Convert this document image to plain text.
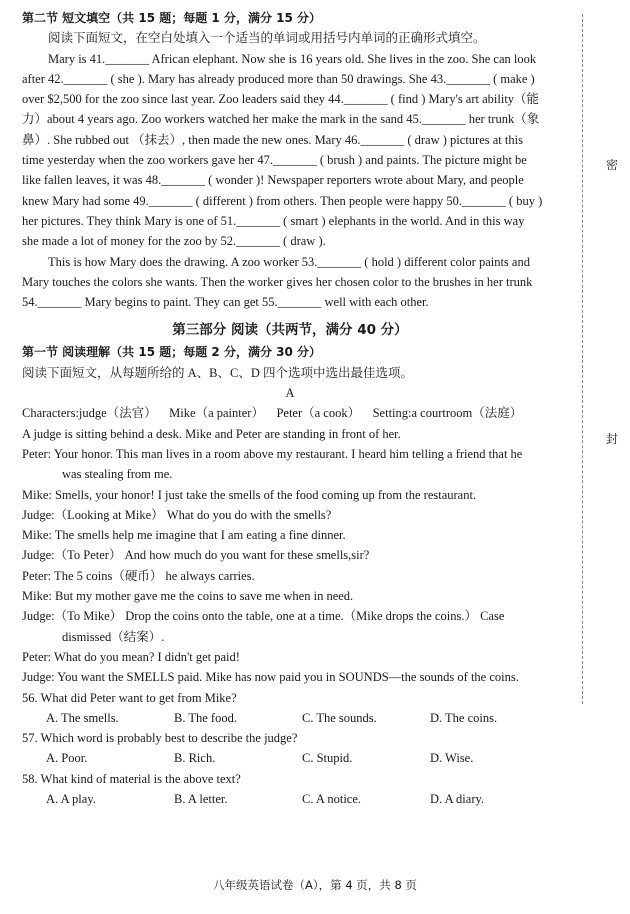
密
封
第二节 短文填空（共 15 题；每题 1 分，满分 15 分）
阅读下面短文，在空白处填入一个适当的单词或用括号内单词的正确形式填空。
Mary is 41._______ African elephant. Now she is 16 years old. She lives in the zoo. She can look
after 42._______ ( she ). Mary has already produced more than 50 drawings. She 43._______ ( make )
over $2,500 for the zoo since last year. Zoo leaders said they 44._______ ( find ) Mary's art ability（能
力）about 4 years ago. Zoo workers watched her make the mark in the sand 45._______ her trunk（象
鼻）. She rubbed out （抹去）, then made the new ones. Mary 46._______ ( draw ) pictures at this
time yesterday when the zoo workers gave her 47._______ ( brush ) and paints. The picture might be
like fallen leaves, it was 48._______ ( wonder )! Newspaper reporters wrote about Mary, and people
knew Mary had some 49._______ ( different ) from others. Then people were happy 50._______ ( buy )
her pictures. They think Mary is one of 51._______ ( smart ) elephants in the world. And in this way
she made a lot of money for the zoo by 52._______ ( draw ).
This is how Mary does the drawing. A zoo worker 53._______ ( hold ) different color paints and
Mary touches the colors she wants. Then the worker gives her chosen color to the brushes in her trunk
54._______ Mary begins to paint. They can get 55._______ well with each other.
第三部分 阅读（共两节，满分 40 分）
第一节 阅读理解（共 15 题；每题 2 分，满分 30 分）
阅读下面短文，从每题所给的 A、B、C、D 四个选项中选出最佳选项。
A
Characters:judge（法官）    Mike（a painter）    Peter（a cook）    Setting:a courtroom（法庭）
A judge is sitting behind a desk. Mike and Peter are standing in front of her.
Peter: Your honor. This man lives in a room above my restaurant. I heard him telling a friend that he
was stealing from me.
Mike: Smells, your honor! I just take the smells of the food coming up from the restaurant.
Judge:（Looking at Mike） What do you do with the smells?
Mike: The smells help me imagine that I am eating a fine dinner.
Judge:（To Peter） And how much do you want for these smells,sir?
Peter: The 5 coins（硬币） he always carries.
Mike: But my mother gave me the coins to save me when in need.
Judge:（To Mike） Drop the coins onto the table, one at a time.（Mike drops the coins.） Case
dismissed（结案）.
Peter: What do you mean? I didn't get paid!
Judge: You want the SMELLS paid. Mike has now paid you in SOUNDS—the sounds of the coins.
56. What did Peter want to get from Mike?
A. The smells.	B. The food.	C. The sounds.	D. The coins.
57. Which word is probably best to describe the judge?
A. Poor.	B. Rich.	C. Stupid.	D. Wise.
58. What kind of material is the above text?
A. A play.	B. A letter.	C. A notice.	D. A diary.
八年级英语试卷（A），第 4 页，共 8 页
